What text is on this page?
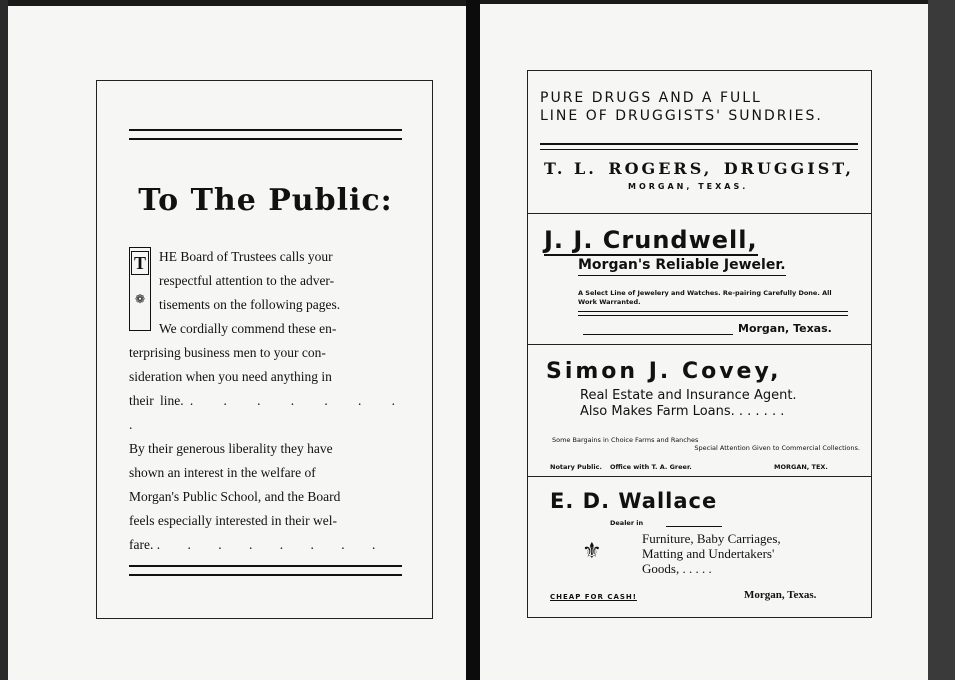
To The Public:
T
❁
HE Board of Trustees calls your
respectful attention to the adver-
tisements on the following pages.
We cordially commend these en-
terprising business men to your con-
sideration when you need anything in
their line. . . . . . . . .
By their generous liberality they have
shown an interest in the welfare of
Morgan's Public School, and the Board
feels especially interested in their wel-
fare. . . . . . . . .
PURE DRUGS AND A FULL
LINE OF DRUGGISTS' SUNDRIES.
T. L. ROGERS, DRUGGIST,
MORGAN, TEXAS.
J. J. Crundwell,
Morgan's Reliable Jeweler.
A Select Line of Jewelery and Watches. Re-pairing Carefully Done. All Work Warranted.
Morgan, Texas.
Simon J. Covey,
Real Estate and Insurance Agent.
Also Makes Farm Loans. . . . . . .
Some Bargains in Choice Farms and Ranches
Special Attention Given to Commercial Collections.
Notary Public. Office with T. A. Greer.	MORGAN, TEX.
E. D. Wallace
Dealer in
⚜
Furniture, Baby Carriages,
Matting and Undertakers'
Goods, . . . . .
CHEAP FOR CASH!	Morgan, Texas.
